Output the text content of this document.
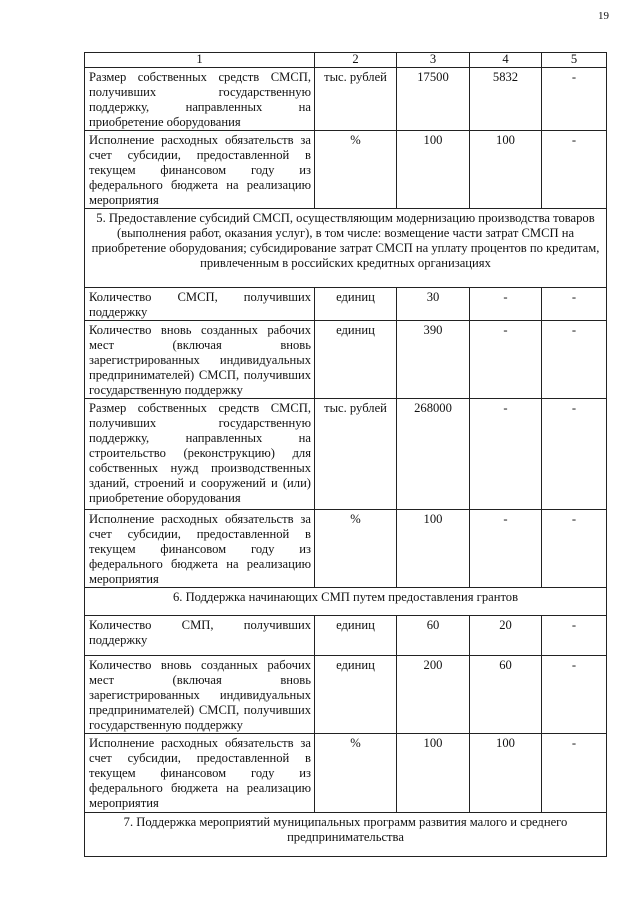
19
1	2	3	4	5
Размер собственных средств СМСП, получивших государственную поддержку, направленных на приобретение оборудования	тыс. рублей	17500	5832	-
Исполнение расходных обязательств за счет субсидии, предоставленной в текущем финансовом году из федерального бюджета на реализацию мероприятия	%	100	100	-
5. Предоставление субсидий СМСП, осуществляющим модернизацию производства товаров (выполнения работ, оказания услуг), в том числе: возмещение части затрат СМСП на приобретение оборудования; субсидирование затрат СМСП на уплату процентов по кредитам, привлеченным в российских кредитных организациях				
Количество СМСП, получивших поддержку	единиц	30	-	-
Количество вновь созданных рабочих мест (включая вновь зарегистрированных индивидуальных предпринимателей) СМСП, получивших государственную поддержку	единиц	390	-	-
Размер собственных средств СМСП, получивших государственную поддержку, направленных на строительство (реконструкцию) для собственных нужд производственных зданий, строений и сооружений и (или) приобретение оборудования	тыс. рублей	268000	-	-
Исполнение расходных обязательств за счет субсидии, предоставленной в текущем финансовом году из федерального бюджета на реализацию мероприятия	%	100	-	-
6. Поддержка начинающих СМП путем предоставления грантов				
Количество СМП, получивших поддержку	единиц	60	20	-
Количество вновь созданных рабочих мест (включая вновь зарегистрированных индивидуальных предпринимателей) СМСП, получивших государственную поддержку	единиц	200	60	-
Исполнение расходных обязательств за счет субсидии, предоставленной в текущем финансовом году из федерального бюджета на реализацию мероприятия	%	100	100	-
7. Поддержка мероприятий муниципальных программ развития малого и среднего предпринимательства				
